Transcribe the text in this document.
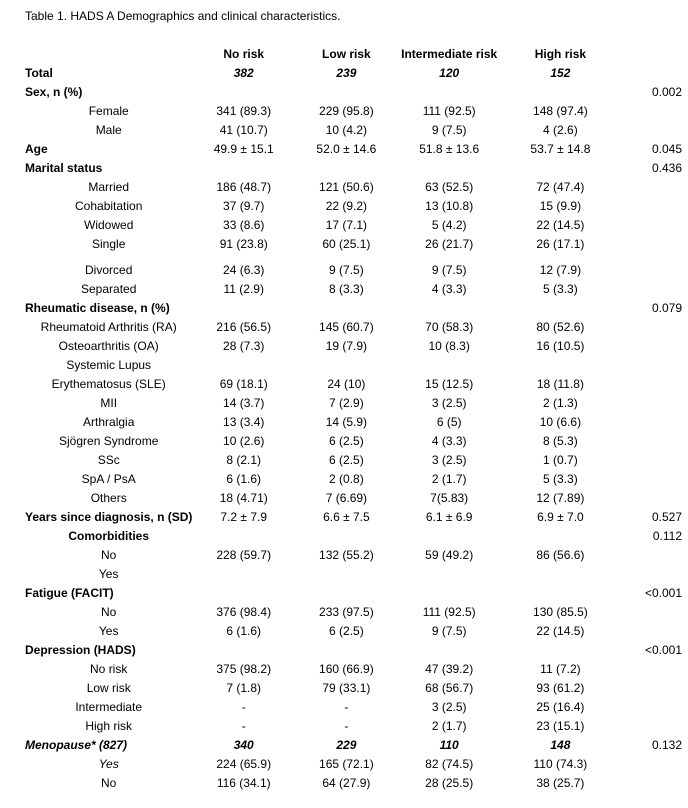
Table 1. HADS A Demographics and clinical characteristics.

	No risk	Low risk	Intermediate risk	High risk	
Total	382	239	120	152	
Sex, n (%)					0.002
Female	341 (89.3)	229 (95.8)	111 (92.5)	148 (97.4)	
Male	41 (10.7)	10 (4.2)	9 (7.5)	4 (2.6)	
Age	49.9 ± 15.1	52.0 ± 14.6	51.8 ± 13.6	53.7 ± 14.8	0.045
Marital status					0.436
Married	186 (48.7)	121 (50.6)	63 (52.5)	72 (47.4)	
Cohabitation	37 (9.7)	22 (9.2)	13 (10.8)	15 (9.9)	
Widowed	33 (8.6)	17 (7.1)	5 (4.2)	22 (14.5)	
Single	91 (23.8)	60 (25.1)	26 (21.7)	26 (17.1)	

Divorced	24 (6.3)	9 (7.5)	9 (7.5)	12 (7.9)	
Separated	11 (2.9)	8 (3.3)	4 (3.3)	5 (3.3)	
Rheumatic disease, n (%)					0.079
Rheumatoid Arthritis (RA)	216 (56.5)	145 (60.7)	70 (58.3)	80 (52.6)	
Osteoarthritis (OA)	28 (7.3)	19 (7.9)	10 (8.3)	16 (10.5)	
Systemic Lupus					
Erythematosus (SLE)	69 (18.1)	24 (10)	15 (12.5)	18 (11.8)	
MII	14 (3.7)	7 (2.9)	3 (2.5)	2 (1.3)	
Arthralgia	13 (3.4)	14 (5.9)	6 (5)	10 (6.6)	
Sjögren Syndrome	10 (2.6)	6 (2.5)	4 (3.3)	8 (5.3)	
SSc	8 (2.1)	6 (2.5)	3 (2.5)	1 (0.7)	
SpA / PsA	6 (1.6)	2 (0.8)	2 (1.7)	5 (3.3)	
Others	18 (4.71)	7 (6.69)	7(5.83)	12 (7.89)	
Years since diagnosis, n (SD)	7.2 ± 7.9	6.6 ± 7.5	6.1 ± 6.9	6.9 ± 7.0	0.527
Comorbidities					0.112
No	228 (59.7)	132 (55.2)	59 (49.2)	86 (56.6)	
Yes					
Fatigue (FACIT)					<0.001
No	376 (98.4)	233 (97.5)	111 (92.5)	130 (85.5)	
Yes	6 (1.6)	6 (2.5)	9 (7.5)	22 (14.5)	
Depression (HADS)					<0.001
No risk	375 (98.2)	160 (66.9)	47 (39.2)	11 (7.2)	
Low risk	7 (1.8)	79 (33.1)	68 (56.7)	93 (61.2)	
Intermediate	-	-	3 (2.5)	25 (16.4)	
High risk	-	-	2 (1.7)	23 (15.1)	
Menopause* (827)	340	229	110	148	0.132
Yes	224 (65.9)	165 (72.1)	82 (74.5)	110 (74.3)	
No	116 (34.1)	64 (27.9)	28 (25.5)	38 (25.7)	
